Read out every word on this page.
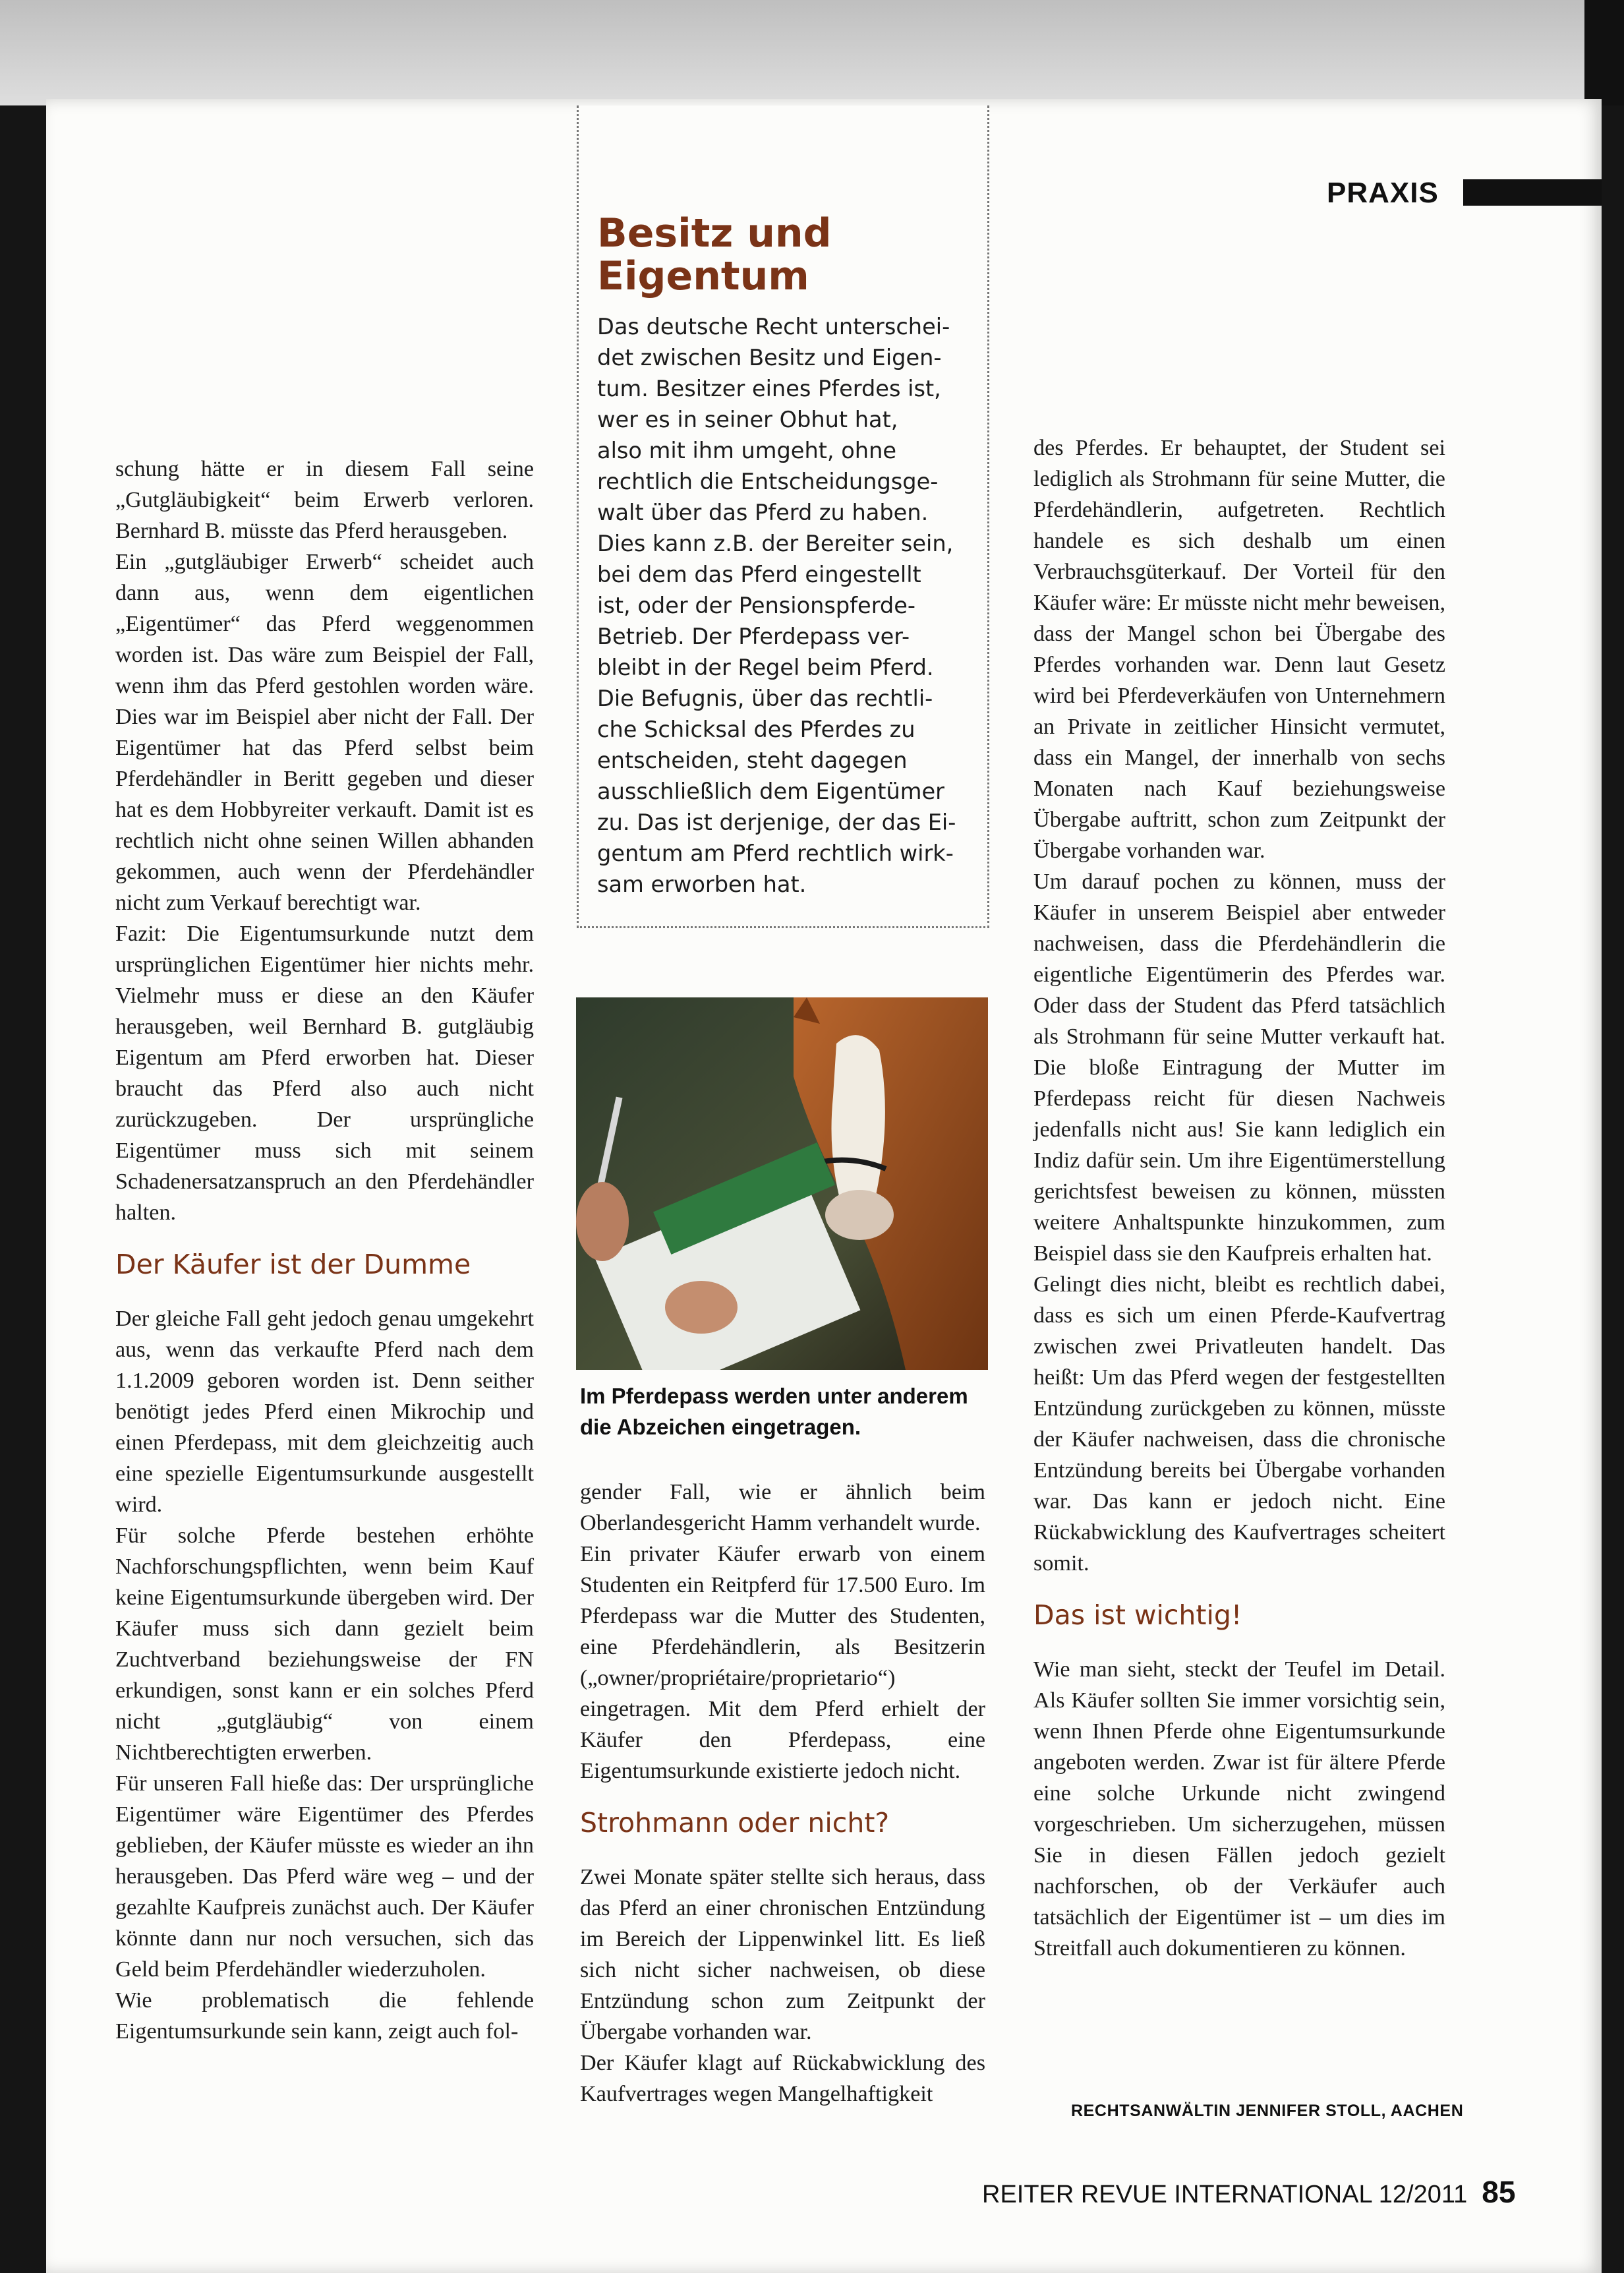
PRAXIS
Besitz und Eigentum

Das deutsche Recht unterschei-
det zwischen Besitz und Eigen-
tum. Besitzer eines Pferdes ist,
wer es in seiner Obhut hat,
also mit ihm umgeht, ohne
rechtlich die Entscheidungsge-
walt über das Pferd zu haben.
Dies kann z.B. der Bereiter sein,
bei dem das Pferd eingestellt
ist, oder der Pensionspferde-
Betrieb. Der Pferdepass ver-
bleibt in der Regel beim Pferd.
Die Befugnis, über das rechtli-
che Schicksal des Pferdes zu
entscheiden, steht dagegen
ausschließlich dem Eigentümer
zu. Das ist derjenige, der das Ei-
gentum am Pferd rechtlich wirk-
sam erworben hat.

Im Pferdepass werden unter anderem die Abzeichen eingetragen.

schung hätte er in diesem Fall seine „Gutgläubigkeit“ beim Erwerb verloren. Bernhard B. müsste das Pferd herausgeben.

Ein „gutgläubiger Erwerb“ scheidet auch dann aus, wenn dem eigentlichen „Eigentümer“ das Pferd weggenommen worden ist. Das wäre zum Beispiel der Fall, wenn ihm das Pferd gestohlen worden wäre. Dies war im Beispiel aber nicht der Fall. Der Eigentümer hat das Pferd selbst beim Pferdehändler in Beritt gegeben und dieser hat es dem Hobbyreiter verkauft. Damit ist es rechtlich nicht ohne seinen Willen abhanden gekommen, auch wenn der Pferdehändler nicht zum Verkauf berechtigt war.

Fazit: Die Eigentumsurkunde nutzt dem ursprünglichen Eigentümer hier nichts mehr. Vielmehr muss er diese an den Käufer herausgeben, weil Bernhard B. gutgläubig Eigentum am Pferd erworben hat. Dieser braucht das Pferd also auch nicht zurückzugeben. Der ursprüngliche Eigentümer muss sich mit seinem Schadenersatzanspruch an den Pferdehändler halten.

Der Käufer ist der Dumme

Der gleiche Fall geht jedoch genau umgekehrt aus, wenn das verkaufte Pferd nach dem 1.1.2009 geboren worden ist. Denn seither benötigt jedes Pferd einen Mikrochip und einen Pferdepass, mit dem gleichzeitig auch eine spezielle Eigentumsurkunde ausgestellt wird.

Für solche Pferde bestehen erhöhte Nachforschungspflichten, wenn beim Kauf keine Eigentumsurkunde übergeben wird. Der Käufer muss sich dann gezielt beim Zuchtverband beziehungsweise der FN erkundigen, sonst kann er ein solches Pferd nicht „gutgläubig“ von einem Nichtberechtigten erwerben.

Für unseren Fall hieße das: Der ursprüngliche Eigentümer wäre Eigentümer des Pferdes geblieben, der Käufer müsste es wieder an ihn herausgeben. Das Pferd wäre weg – und der gezahlte Kaufpreis zunächst auch. Der Käufer könnte dann nur noch versuchen, sich das Geld beim Pferdehändler wiederzuholen.

Wie problematisch die fehlende Eigentumsurkunde sein kann, zeigt auch fol-

gender Fall, wie er ähnlich beim Oberlandesgericht Hamm verhandelt wurde.

Ein privater Käufer erwarb von einem Studenten ein Reitpferd für 17.500 Euro. Im Pferdepass war die Mutter des Studenten, eine Pferdehändlerin, als Besitzerin („owner/propriétaire/proprietario“) eingetragen. Mit dem Pferd erhielt der Käufer den Pferdepass, eine Eigentumsurkunde existierte jedoch nicht.

Strohmann oder nicht?

Zwei Monate später stellte sich heraus, dass das Pferd an einer chronischen Entzündung im Bereich der Lippenwinkel litt. Es ließ sich nicht sicher nachweisen, ob diese Entzündung schon zum Zeitpunkt der Übergabe vorhanden war.

Der Käufer klagt auf Rückabwicklung des Kaufvertrages wegen Mangelhaftigkeit

des Pferdes. Er behauptet, der Student sei lediglich als Strohmann für seine Mutter, die Pferdehändlerin, aufgetreten. Rechtlich handele es sich deshalb um einen Verbrauchsgüterkauf. Der Vorteil für den Käufer wäre: Er müsste nicht mehr beweisen, dass der Mangel schon bei Übergabe des Pferdes vorhanden war. Denn laut Gesetz wird bei Pferdeverkäufen von Unternehmern an Private in zeitlicher Hinsicht vermutet, dass ein Mangel, der innerhalb von sechs Monaten nach Kauf beziehungsweise Übergabe auftritt, schon zum Zeitpunkt der Übergabe vorhanden war.

Um darauf pochen zu können, muss der Käufer in unserem Beispiel aber entweder nachweisen, dass die Pferdehändlerin die eigentliche Eigentümerin des Pferdes war. Oder dass der Student das Pferd tatsächlich als Strohmann für seine Mutter verkauft hat. Die bloße Eintragung der Mutter im Pferdepass reicht für diesen Nachweis jedenfalls nicht aus! Sie kann lediglich ein Indiz dafür sein. Um ihre Eigentümerstellung gerichtsfest beweisen zu können, müssten weitere Anhaltspunkte hinzukommen, zum Beispiel dass sie den Kaufpreis erhalten hat.

Gelingt dies nicht, bleibt es rechtlich dabei, dass es sich um einen Pferde-Kaufvertrag zwischen zwei Privatleuten handelt. Das heißt: Um das Pferd wegen der festgestellten Entzündung zurückgeben zu können, müsste der Käufer nachweisen, dass die chronische Entzündung bereits bei Übergabe vorhanden war. Das kann er jedoch nicht. Eine Rückabwicklung des Kaufvertrages scheitert somit.

Das ist wichtig!

Wie man sieht, steckt der Teufel im Detail. Als Käufer sollten Sie immer vorsichtig sein, wenn Ihnen Pferde ohne Eigentumsurkunde angeboten werden. Zwar ist für ältere Pferde eine solche Urkunde nicht zwingend vorgeschrieben. Um sicherzugehen, müssen Sie in diesen Fällen jedoch gezielt nachforschen, ob der Verkäufer auch tatsächlich der Eigentümer ist – um dies im Streitfall auch dokumentieren zu können.

RECHTSANWÄLTIN JENNIFER STOLL, AACHEN
REITER REVUE INTERNATIONAL 12/2011 85
